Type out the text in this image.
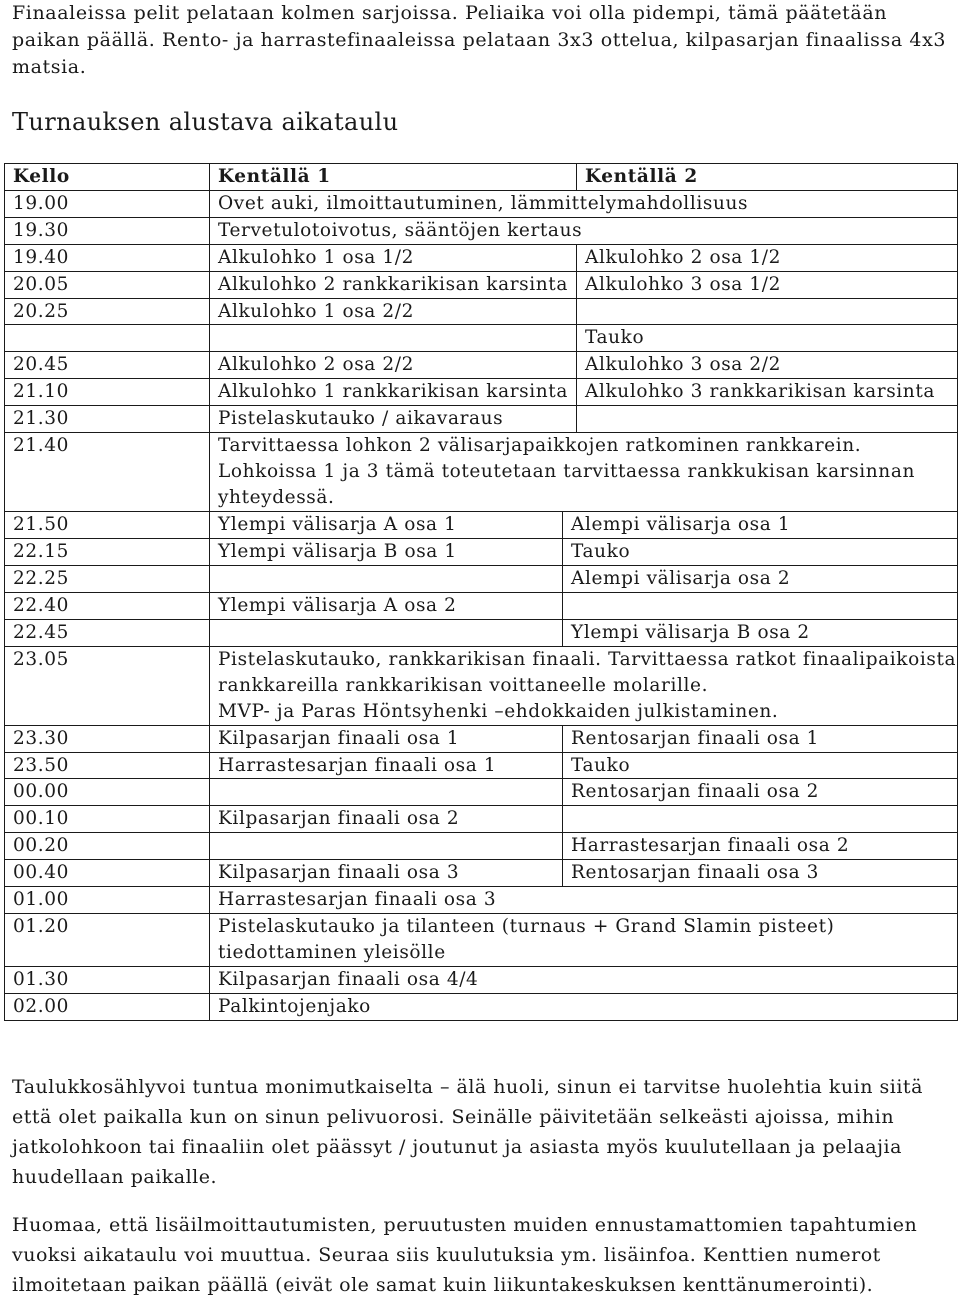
Finaaleissa pelit pelataan kolmen sarjoissa. Peliaika voi olla pidempi, tämä päätetään paikan päällä. Rento- ja harrastefinaaleissa pelataan 3x3 ottelua, kilpasarjan finaalissa 4x3 matsia.
Turnauksen alustava aikataulu
Kello	Kentällä 1		Kentällä 2
19.00	Ovet auki, ilmoittautuminen, lämmittelymahdollisuus		
19.30	Tervetulotoivotus, sääntöjen kertaus		
19.40	Alkulohko 1 osa 1/2		Alkulohko 2 osa 1/2
20.05	Alkulohko 2 rankkarikisan karsinta		Alkulohko 3 osa 1/2
20.25	Alkulohko 1 osa 2/2		
			Tauko
20.45	Alkulohko 2 osa 2/2		Alkulohko 3 osa 2/2
21.10	Alkulohko 1 rankkarikisan karsinta		Alkulohko 3 rankkarikisan karsinta
21.30	Pistelaskutauko / aikavaraus		
21.40	Tarvittaessa lohkon 2 välisarjapaikkojen ratkominen rankkarein. Lohkoissa 1 ja 3 tämä toteutetaan tarvittaessa rankkukisan karsinnan yhteydessä.		
21.50	Ylempi välisarja A osa 1	Alempi välisarja osa 1	
22.15	Ylempi välisarja B osa 1	Tauko	
22.25		Alempi välisarja osa 2	
22.40	Ylempi välisarja A osa 2		
22.45		Ylempi välisarja B osa 2	
23.05	Pistelaskutauko, rankkarikisan finaali. Tarvittaessa ratkot finaalipaikoista rankkareilla rankkarikisan voittaneelle molarille.
MVP- ja Paras Höntsyhenki –ehdokkaiden julkistaminen.		

23.30	Kilpasarjan finaali osa 1	Rentosarjan finaali osa 1	
23.50	Harrastesarjan finaali osa 1	Tauko	
00.00		Rentosarjan finaali osa 2	
00.10	Kilpasarjan finaali osa 2		
00.20		Harrastesarjan finaali osa 2	
00.40	Kilpasarjan finaali osa 3	Rentosarjan finaali osa 3	
01.00	Harrastesarjan finaali osa 3		
01.20	Pistelaskutauko ja tilanteen (turnaus + Grand Slamin pisteet) tiedottaminen yleisölle		
01.30	Kilpasarjan finaali osa 4/4		
02.00	Palkintojenjako		

Taulukkosählyvoi tuntua monimutkaiselta – älä huoli, sinun ei tarvitse huolehtia kuin siitä että olet paikalla kun on sinun pelivuorosi. Seinälle päivitetään selkeästi ajoissa, mihin jatkolohkoon tai finaaliin olet päässyt / joutunut ja asiasta myös kuulutellaan ja pelaajia huudellaan paikalle.

Huomaa, että lisäilmoittautumisten, peruutusten muiden ennustamattomien tapahtumien vuoksi aikataulu voi muuttua. Seuraa siis kuulutuksia ym. lisäinfoa. Kenttien numerot ilmoitetaan paikan päällä (eivät ole samat kuin liikuntakeskuksen kenttänumerointi).
